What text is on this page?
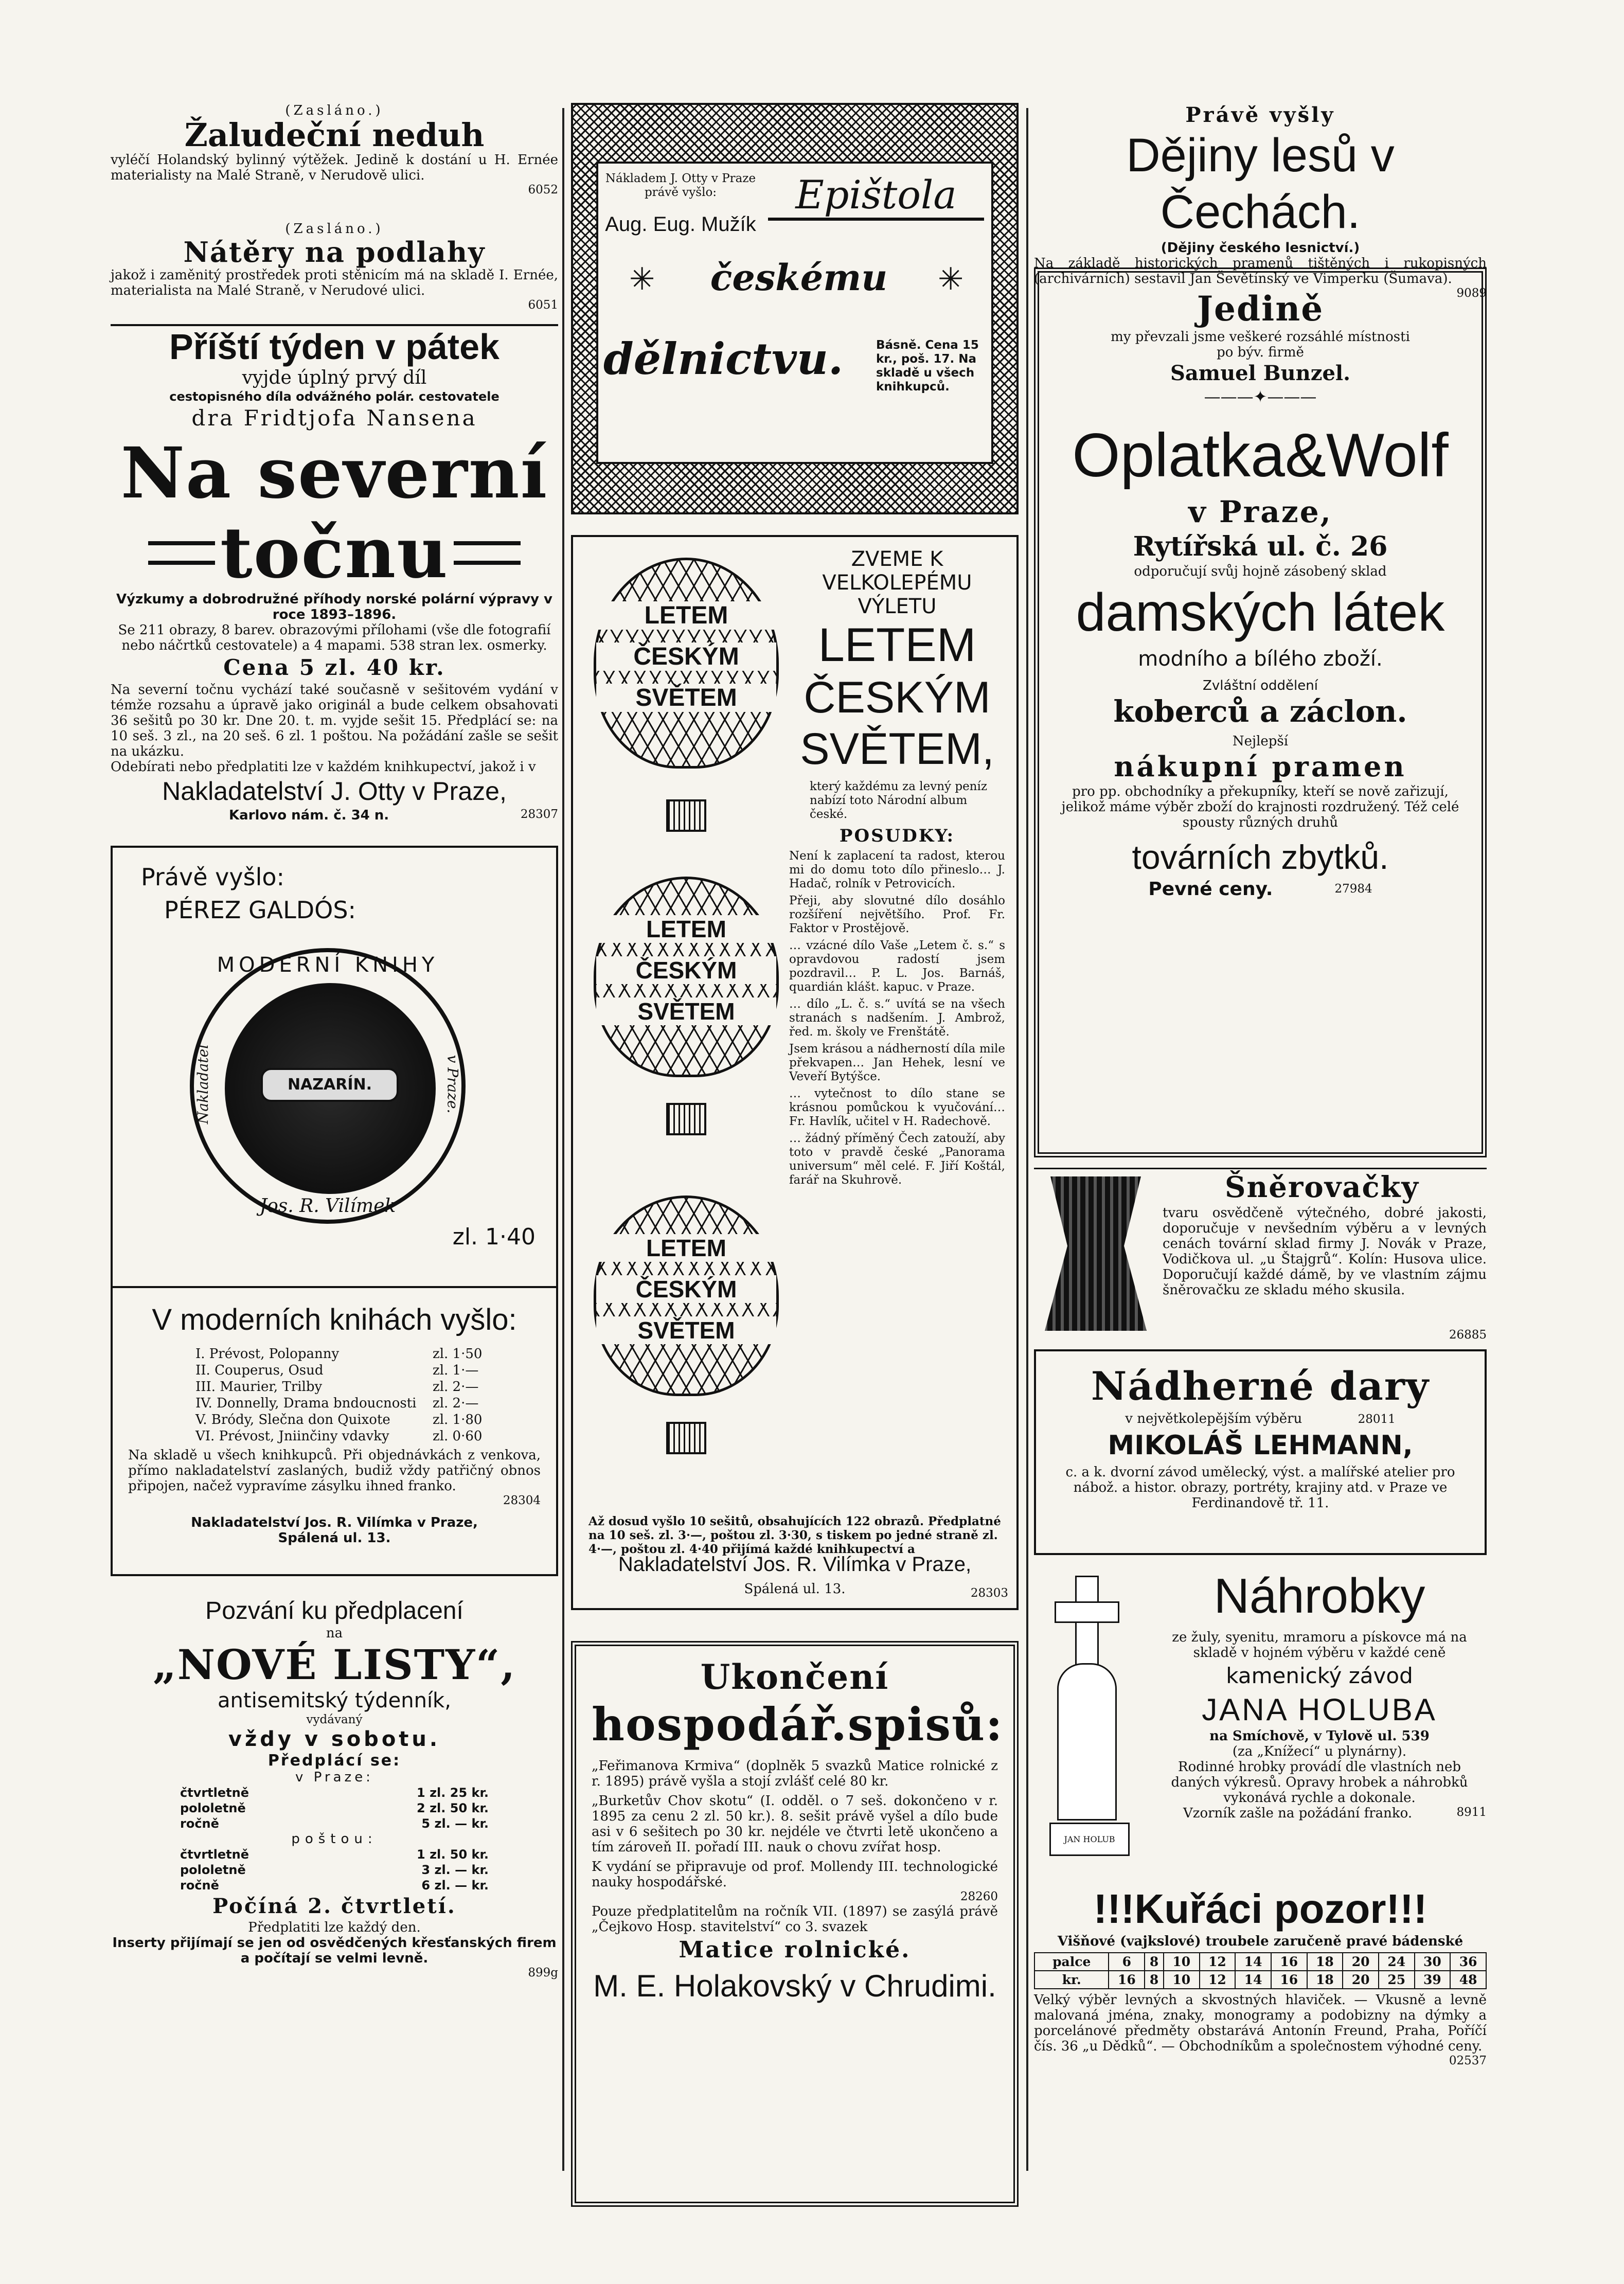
(Zasláno.)
Žaludeční neduh
vyléčí Holandský bylinný výtěžek. Jedině k dostání u H. Ernée materialisty na Malé Straně, v Nerudově ulici.
6052
(Zasláno.)
Nátěry na podlahy
jakož i zaměnitý prostředek proti stěnicím má na skladě I. Ernée, materialista na Malé Straně, v Nerudové ulici.
6051
Příští týden v pátek
vyjde úplný prvý díl
cestopisného díla odvážného polár. cestovatele
dra Fridtjofa Nansena
Na severní
točnu
Výzkumy a dobrodružné příhody norské polární výpravy v roce 1893–1896.
Se 211 obrazy, 8 barev. obrazovými přílohami (vše dle fotografií nebo náčrtků cestovatele) a 4 mapami. 538 stran lex. osmerky.
Cena 5 zl. 40 kr.
Na severní točnu vychází také současně v sešitovém vydání v témže rozsahu a úpravě jako originál a bude celkem obsahovati 36 sešitů po 30 kr. Dne 20. t. m. vyjde sešit 15. Předplácí se: na 10 seš. 3 zl., na 20 seš. 6 zl. 1 poštou. Na požádání zašle se sešit na ukázku.
Odebírati nebo předplatiti lze v každém knihkupectví, jakož i v
Nakladatelství J. Otty v Praze,
Karlovo nám. č. 34 n.	28307
Právě vyšlo:
PÉREZ GALDÓS:
MODERNÍ KNIHY
Jos. R. Vilímek
Nakladatel	v Praze.
NAZARÍN.
zl. 1·40
V moderních knihách vyšlo:
I. Prévost, Polopanny	zl. 1·50
II. Couperus, Osud	zl. 1·—
III. Maurier, Trilby	zl. 2·—
IV. Donnelly, Drama bndoucnosti	zl. 2·—
V. Bródy, Slečna don Quixote	zl. 1·80
VI. Prévost, Jniinčiny vdavky	zl. 0·60
Na skladě u všech knihkupců. Při objednávkách z venkova, přímo nakladatelství zaslaných, budiž vždy patřičný obnos připojen, načež vypravíme zásylku ihned franko.
28304
Nakladatelství Jos. R. Vilímka v Praze, Spálená ul. 13.
Pozvání ku předplacení
na
„NOVÉ LISTY“,
antisemitský týdenník,
vydávaný
vždy v sobotu.
Předplácí se:
v Praze:
čtvrtletně	1 zl. 25 kr.
pololetně	2 zl. 50 kr.
ročně	5 zl. — kr.
poštou:
čtvrtletně	1 zl. 50 kr.
pololetně	3 zl. — kr.
ročně	6 zl. — kr.
Počíná 2. čtvrtletí.
Předplatiti lze každý den.
Inserty přijímají se jen od osvědčených křesťanských firem a počítají se velmi levně.
899g
Nákladem J. Otty v Praze právě vyšlo:
Aug. Eug. Mužík
Epištola
českému
✳	✳
dělnictvu.	Básně. Cena 15 kr., poš. 17. Na skladě u všech knihkupců.
LETEM
ČESKÝM
SVĚTEM
LETEM
ČESKÝM
SVĚTEM
LETEM
ČESKÝM
SVĚTEM
ZVEME K VELKOLEPÉMU VÝLETU
LETEM
ČESKÝM
SVĚTEM,
který každému za levný peníz nabízí toto Národní album české.
POSUDKY:
Není k zaplacení ta radost, kterou mi do domu toto dílo přineslo… J. Hadač, rolník v Petrovicích.
Přeji, aby slovutné dílo dosáhlo rozšíření největšího. Prof. Fr. Faktor v Prostějově.
… vzácné dílo Vaše „Letem č. s.“ s opravdovou radostí jsem pozdravil… P. L. Jos. Barnáš, quardián klášt. kapuc. v Praze.
… dílo „L. č. s.“ uvítá se na všech stranách s nadšením. J. Ambrož, řed. m. školy ve Frenštátě.
Jsem krásou a nádherností díla mile překvapen… Jan Hehek, lesní ve Veveří Bytýšce.
… vytečnost to dílo stane se krásnou pomůckou k vyučování… Fr. Havlík, učitel v H. Radechově.
… žádný příměný Čech zatouží, aby toto v pravdě české „Panorama universum“ měl celé. F. Jiří Koštál, farář na Skuhrově.
Až dosud vyšlo 10 sešitů, obsahujících 122 obrazů. Předplatné na 10 seš. zl. 3·—, poštou zl. 3·30, s tiskem po jedné straně zl. 4·—, poštou zl. 4·40 přijímá každé knihkupectví a
Nakladatelství Jos. R. Vilímka v Praze,
Spálená ul. 13.	28303
Ukončení
hospodář.spisů:
„Feřimanova Krmiva“ (doplněk 5 svazků Matice rolnické z r. 1895) právě vyšla a stojí zvlášť celé 80 kr.
„Burketův Chov skotu“ (I. odděl. o 7 seš. dokončeno v r. 1895 za cenu 2 zl. 50 kr.). 8. sešit právě vyšel a dílo bude asi v 6 sešitech po 30 kr. nejdéle ve čtvrti letě ukončeno a tím zároveň II. pořadí III. nauk o chovu zvířat hosp.
K vydání se připravuje od prof. Mollendy III. technologické nauky hospodářské.
28260
Pouze předplatitelům na ročník VII. (1897) se zasýlá právě „Čejkovo Hosp. stavitelství“ co 3. svazek
Matice rolnické.
M. E. Holakovský v Chrudimi.
Právě vyšly
Dějiny lesů v Čechách.
(Dějiny českého lesnictví.)
Na základě historických pramenů tištěných i rukopisných (archivárních) sestavil Jan Ševětínský ve Vimperku (Šumava).
9089
Jedině
my převzali jsme veškeré rozsáhlé místnosti po býv. firmě
Samuel Bunzel.
———✦———
Oplatka&Wolf
v Praze,
Rytířská ul. č. 26
odporučují svůj hojně zásobený sklad
damských látek
modního a bílého zboží.
Zvláštní oddělení
koberců a záclon.
Nejlepší
nákupní pramen
pro pp. obchodníky a překupníky, kteří se nově zařizují, jelikož máme výběr zboží do krajnosti rozdružený. Též celé spousty různých druhů
továrních zbytků.
Pevné ceny.	27984
Šněrovačky
tvaru osvědčeně výtečného, dobré jakosti, doporučuje v nevšedním výběru a v levných cenách tovární sklad firmy J. Novák v Praze, Vodičkova ul. „u Štajgrů“. Kolín: Husova ulice. Doporučují každé dámě, by ve vlastním zájmu šněrovačku ze skladu mého skusila.
26885
Nádherné dary
v největkolepějším výběru	28011
MIKOLÁŠ LEHMANN,
c. a k. dvorní závod umělecký, výst. a malířské atelier pro nábož. a histor. obrazy, portréty, krajiny atd. v Praze ve Ferdinandově tř. 11.
JAN HOLUB
Náhrobky
ze žuly, syenitu, mramoru a pískovce má na skladě v hojném výběru v každé ceně
kamenický závod
JANA HOLUBA
na Smíchově, v Tylově ul. 539
(za „Knížecí“ u plynárny).
Rodinné hrobky provádí dle vlastních neb daných výkresů. Opravy hrobek a náhrobků vykonává rychle a dokonale.
Vzorník zašle na požádání franko.	8911
!!!Kuřáci pozor!!!
Višňové (vajkslové) troubele zaručeně pravé bádenské
palce	6	8	10	12	14	16	18	20	24	30	36
kr.	16	8	10	12	14	16	18	20	25	39	48
Velký výběr levných a skvostných hlaviček. — Vkusně a levně malovaná jména, znaky, monogramy a podobizny na dýmky a porcelánové předměty obstarává Antonín Freund, Praha, Poříčí čís. 36 „u Dědků“. — Obchodníkům a společnostem výhodné ceny.
02537
